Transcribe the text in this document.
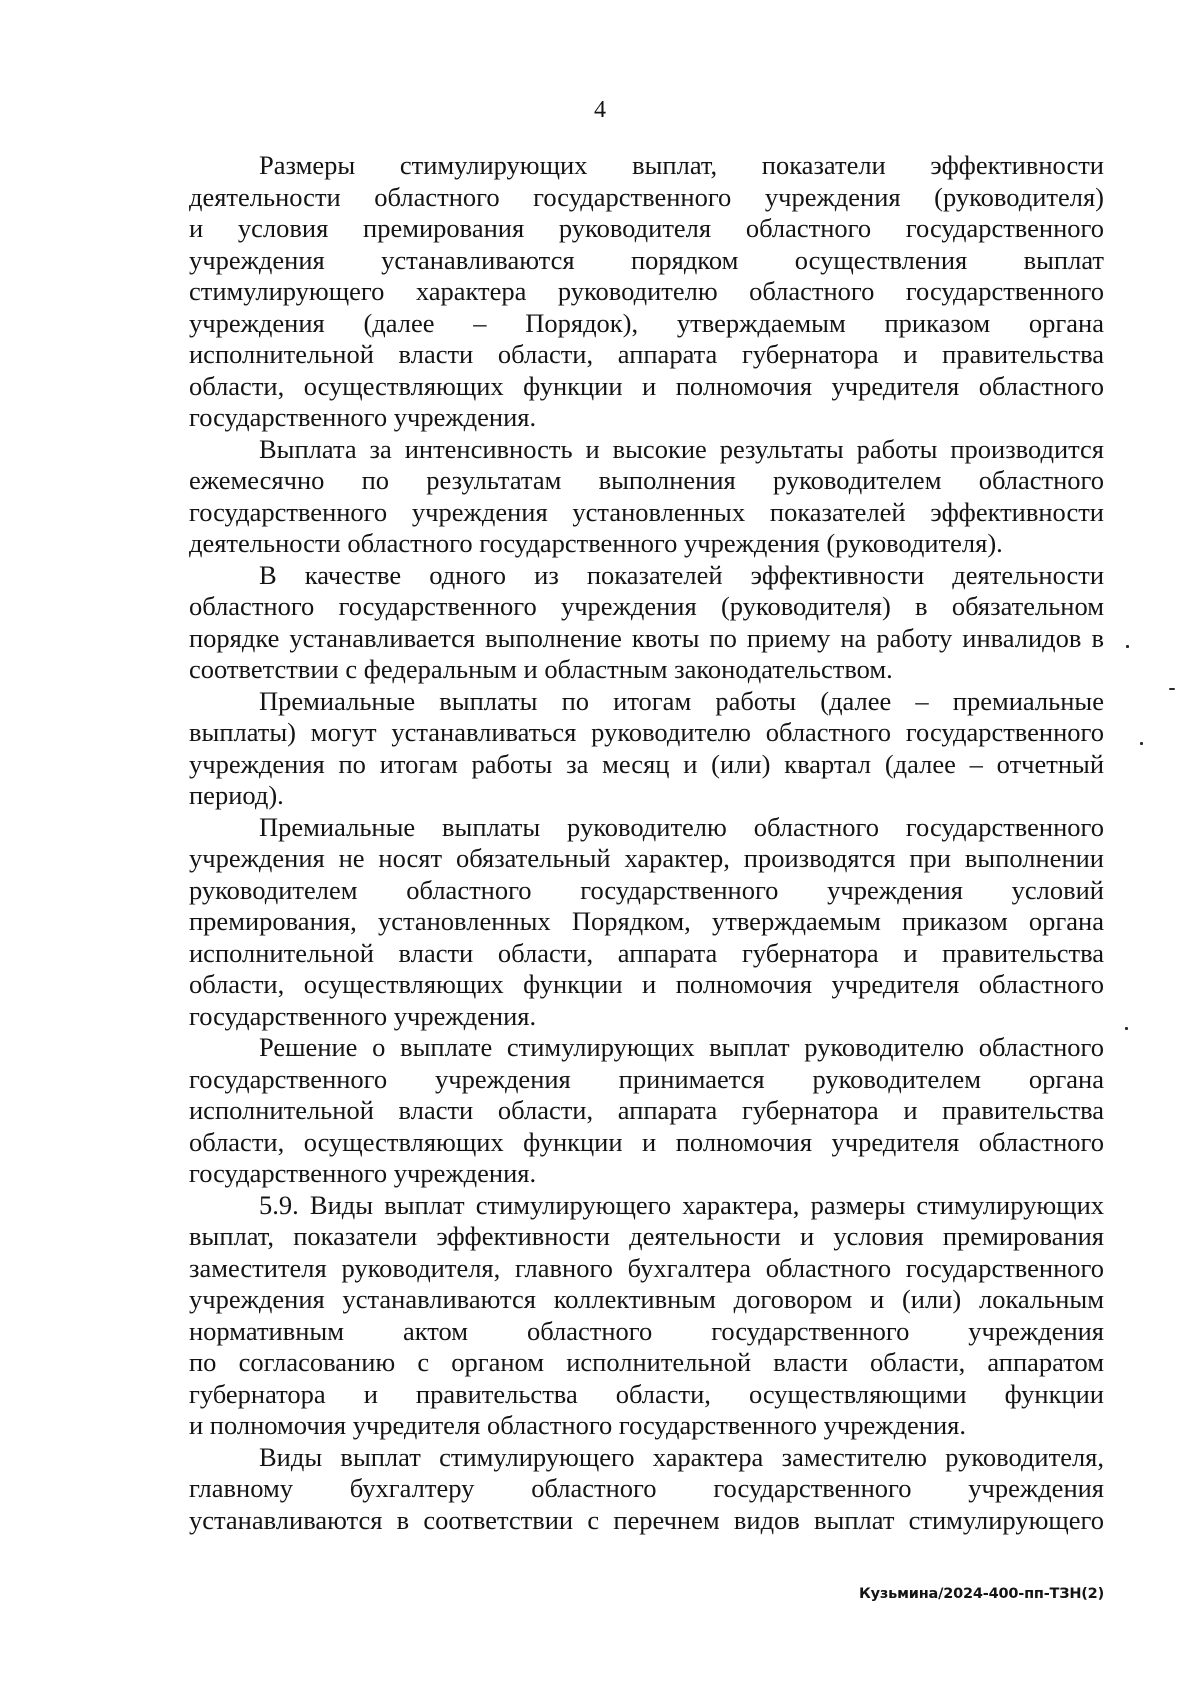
4
Размеры стимулирующих выплат, показатели эффективности
деятельности областного государственного учреждения (руководителя)
и условия премирования руководителя областного государственного
учреждения устанавливаются порядком осуществления выплат
стимулирующего характера руководителю областного государственного
учреждения (далее – Порядок), утверждаемым приказом органа
исполнительной власти области, аппарата губернатора и правительства
области, осуществляющих функции и полномочия учредителя областного
государственного учреждения.
Выплата за интенсивность и высокие результаты работы производится
ежемесячно по результатам выполнения руководителем областного
государственного учреждения установленных показателей эффективности
деятельности областного государственного учреждения (руководителя).
В качестве одного из показателей эффективности деятельности
областного государственного учреждения (руководителя) в обязательном
порядке устанавливается выполнение квоты по приему на работу инвалидов в
соответствии с федеральным и областным законодательством.
Премиальные выплаты по итогам работы (далее – премиальные
выплаты) могут устанавливаться руководителю областного государственного
учреждения по итогам работы за месяц и (или) квартал (далее – отчетный
период).
Премиальные выплаты руководителю областного государственного
учреждения не носят обязательный характер, производятся при выполнении
руководителем областного государственного учреждения условий
премирования, установленных Порядком, утверждаемым приказом органа
исполнительной власти области, аппарата губернатора и правительства
области, осуществляющих функции и полномочия учредителя областного
государственного учреждения.
Решение о выплате стимулирующих выплат руководителю областного
государственного учреждения принимается руководителем органа
исполнительной власти области, аппарата губернатора и правительства
области, осуществляющих функции и полномочия учредителя областного
государственного учреждения.
5.9. Виды выплат стимулирующего характера, размеры стимулирующих
выплат, показатели эффективности деятельности и условия премирования
заместителя руководителя, главного бухгалтера областного государственного
учреждения устанавливаются коллективным договором и (или) локальным
нормативным актом областного государственного учреждения
по согласованию с органом исполнительной власти области, аппаратом
губернатора и правительства области, осуществляющими функции
и полномочия учредителя областного государственного учреждения.
Виды выплат стимулирующего характера заместителю руководителя,
главному бухгалтеру областного государственного учреждения
устанавливаются в соответствии с перечнем видов выплат стимулирующего
Кузьмина/2024-400-пп-ТЗН(2)
